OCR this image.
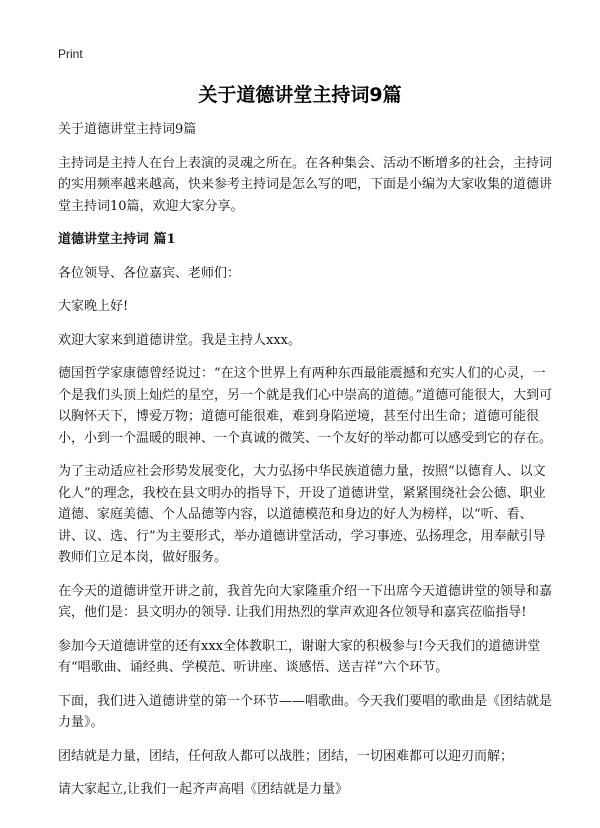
Print
关于道德讲堂主持词9篇

关于道德讲堂主持词9篇

主持词是主持人在台上表演的灵魂之所在。在各种集会、活动不断增多的社会，主持词的实用频率越来越高，快来参考主持词是怎么写的吧，下面是小编为大家收集的道德讲堂主持词10篇，欢迎大家分享。

道德讲堂主持词 篇1

各位领导、各位嘉宾、老师们：

大家晚上好!

欢迎大家来到道德讲堂。我是主持人xxx。

德国哲学家康德曾经说过：“在这个世界上有两种东西最能震撼和充实人们的心灵，一个是我们头顶上灿烂的星空，另一个就是我们心中崇高的道德。”道德可能很大，大到可以胸怀天下，博爱万物；道德可能很难，难到身陷逆境，甚至付出生命；道德可能很小，小到一个温暖的眼神、一个真诚的微笑、一个友好的举动都可以感受到它的存在。

为了主动适应社会形势发展变化，大力弘扬中华民族道德力量，按照“以德育人、以文化人”的理念，我校在县文明办的指导下，开设了道德讲堂，紧紧围绕社会公德、职业道德、家庭美德、个人品德等内容，以道德模范和身边的好人为榜样，以“听、看、讲、议、选、行”为主要形式，举办道德讲堂活动，学习事迹、弘扬理念，用奉献引导教师们立足本岗，做好服务。

在今天的道德讲堂开讲之前，我首先向大家隆重介绍一下出席今天道德讲堂的领导和嘉宾，他们是：县文明办的领导. 让我们用热烈的掌声欢迎各位领导和嘉宾莅临指导!

参加今天道德讲堂的还有xxx全体教职工，谢谢大家的积极参与!今天我们的道德讲堂有“唱歌曲、诵经典、学模范、听讲座、谈感悟、送吉祥”六个环节。

下面，我们进入道德讲堂的第一个环节——唱歌曲。今天我们要唱的歌曲是《团结就是力量》。

团结就是力量，团结，任何敌人都可以战胜；团结，一切困难都可以迎刃而解；

请大家起立,让我们一起齐声高唱《团结就是力量》
